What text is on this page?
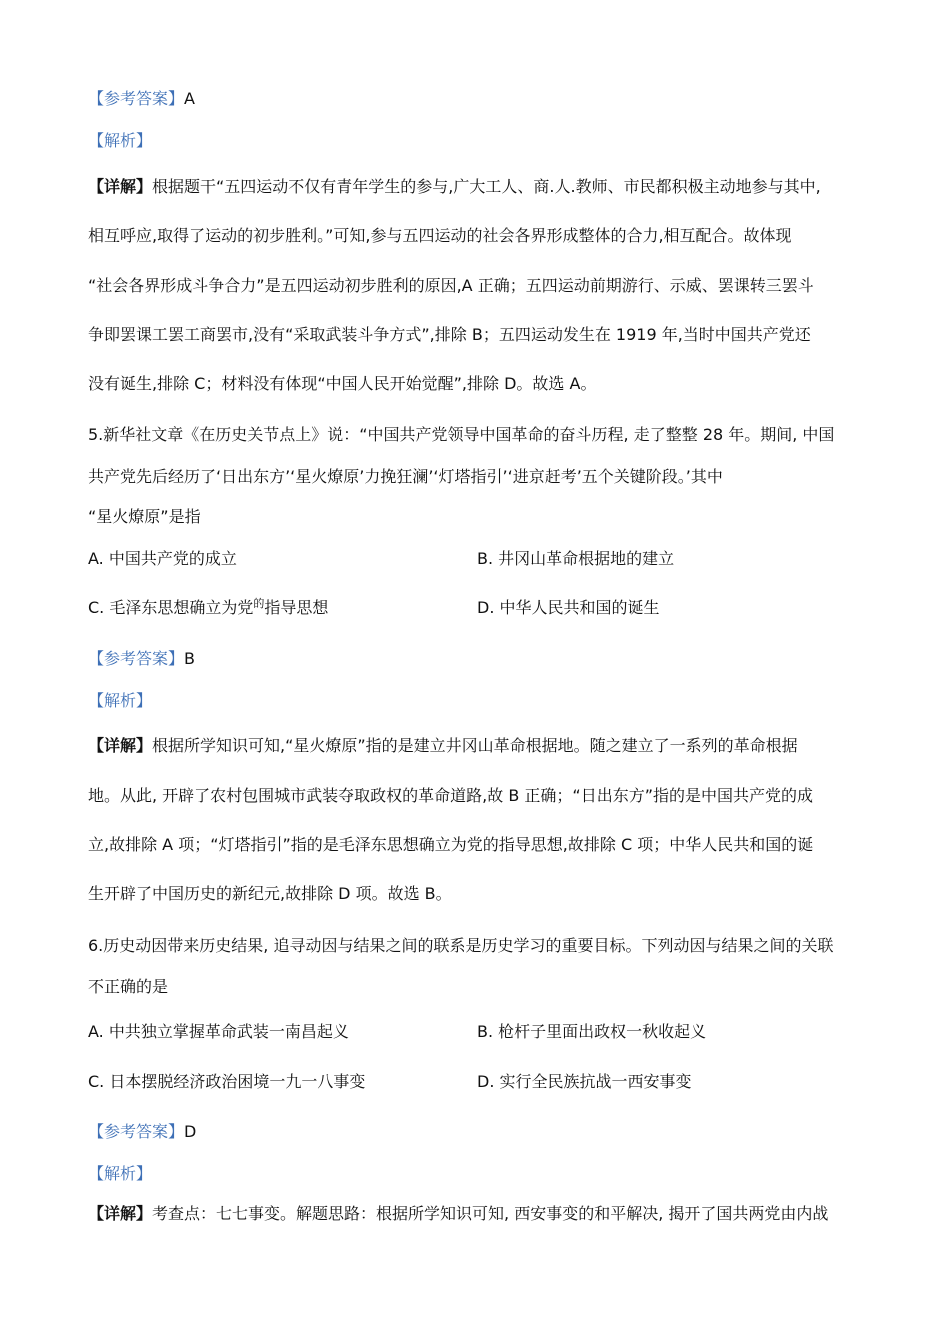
【参考答案】A
【解析】
【详解】根据题干“五四运动不仅有青年学生的参与,广大工人、商.人.教师、市民都积极主动地参与其中,
相互呼应,取得了运动的初步胜利。”可知,参与五四运动的社会各界形成整体的合力,相互配合。故体现
“社会各界形成斗争合力”是五四运动初步胜利的原因,A 正确；五四运动前期游行、示威、罢课转三罢斗
争即罢课工罢工商罢市,没有“采取武装斗争方式”,排除 B；五四运动发生在 1919 年,当时中国共产党还
没有诞生,排除 C；材料没有体现“中国人民开始觉醒”,排除 D。故选 A。
5.新华社文章《在历史关节点上》说：“中国共产党领导中国革命的奋斗历程, 走了整整 28 年。期间, 中国
共产党先后经历了‘日出东方’‘星火燎原’力挽狂澜’‘灯塔指引’‘进京赶考’五个关键阶段。’其中
“星火燎原”是指
A. 中国共产党的成立	B. 井冈山革命根据地的建立
C. 毛泽东思想确立为党$^的$指导思想	D. 中华人民共和国的诞生
【参考答案】B
【解析】
【详解】根据所学知识可知,“星火燎原”指的是建立井冈山革命根据地。随之建立了一系列的革命根据
地。从此, 开辟了农村包围城市武装夺取政权的革命道路,故 B 正确；“日出东方”指的是中国共产党的成
立,故排除 A 项；“灯塔指引”指的是毛泽东思想确立为党的指导思想,故排除 C 项；中华人民共和国的诞
生开辟了中国历史的新纪元,故排除 D 项。故选 B。
6.历史动因带来历史结果, 追寻动因与结果之间的联系是历史学习的重要目标。下列动因与结果之间的关联
不正确的是
A. 中共独立掌握革命武装一南昌起义	B. 枪杆子里面出政权一秋收起义
C. 日本摆脱经济政治困境一九一八事变	D. 实行全民族抗战一西安事变
【参考答案】D
【解析】
【详解】考查点：七七事变。解题思路：根据所学知识可知, 西安事变的和平解决, 揭开了国共两党由内战
